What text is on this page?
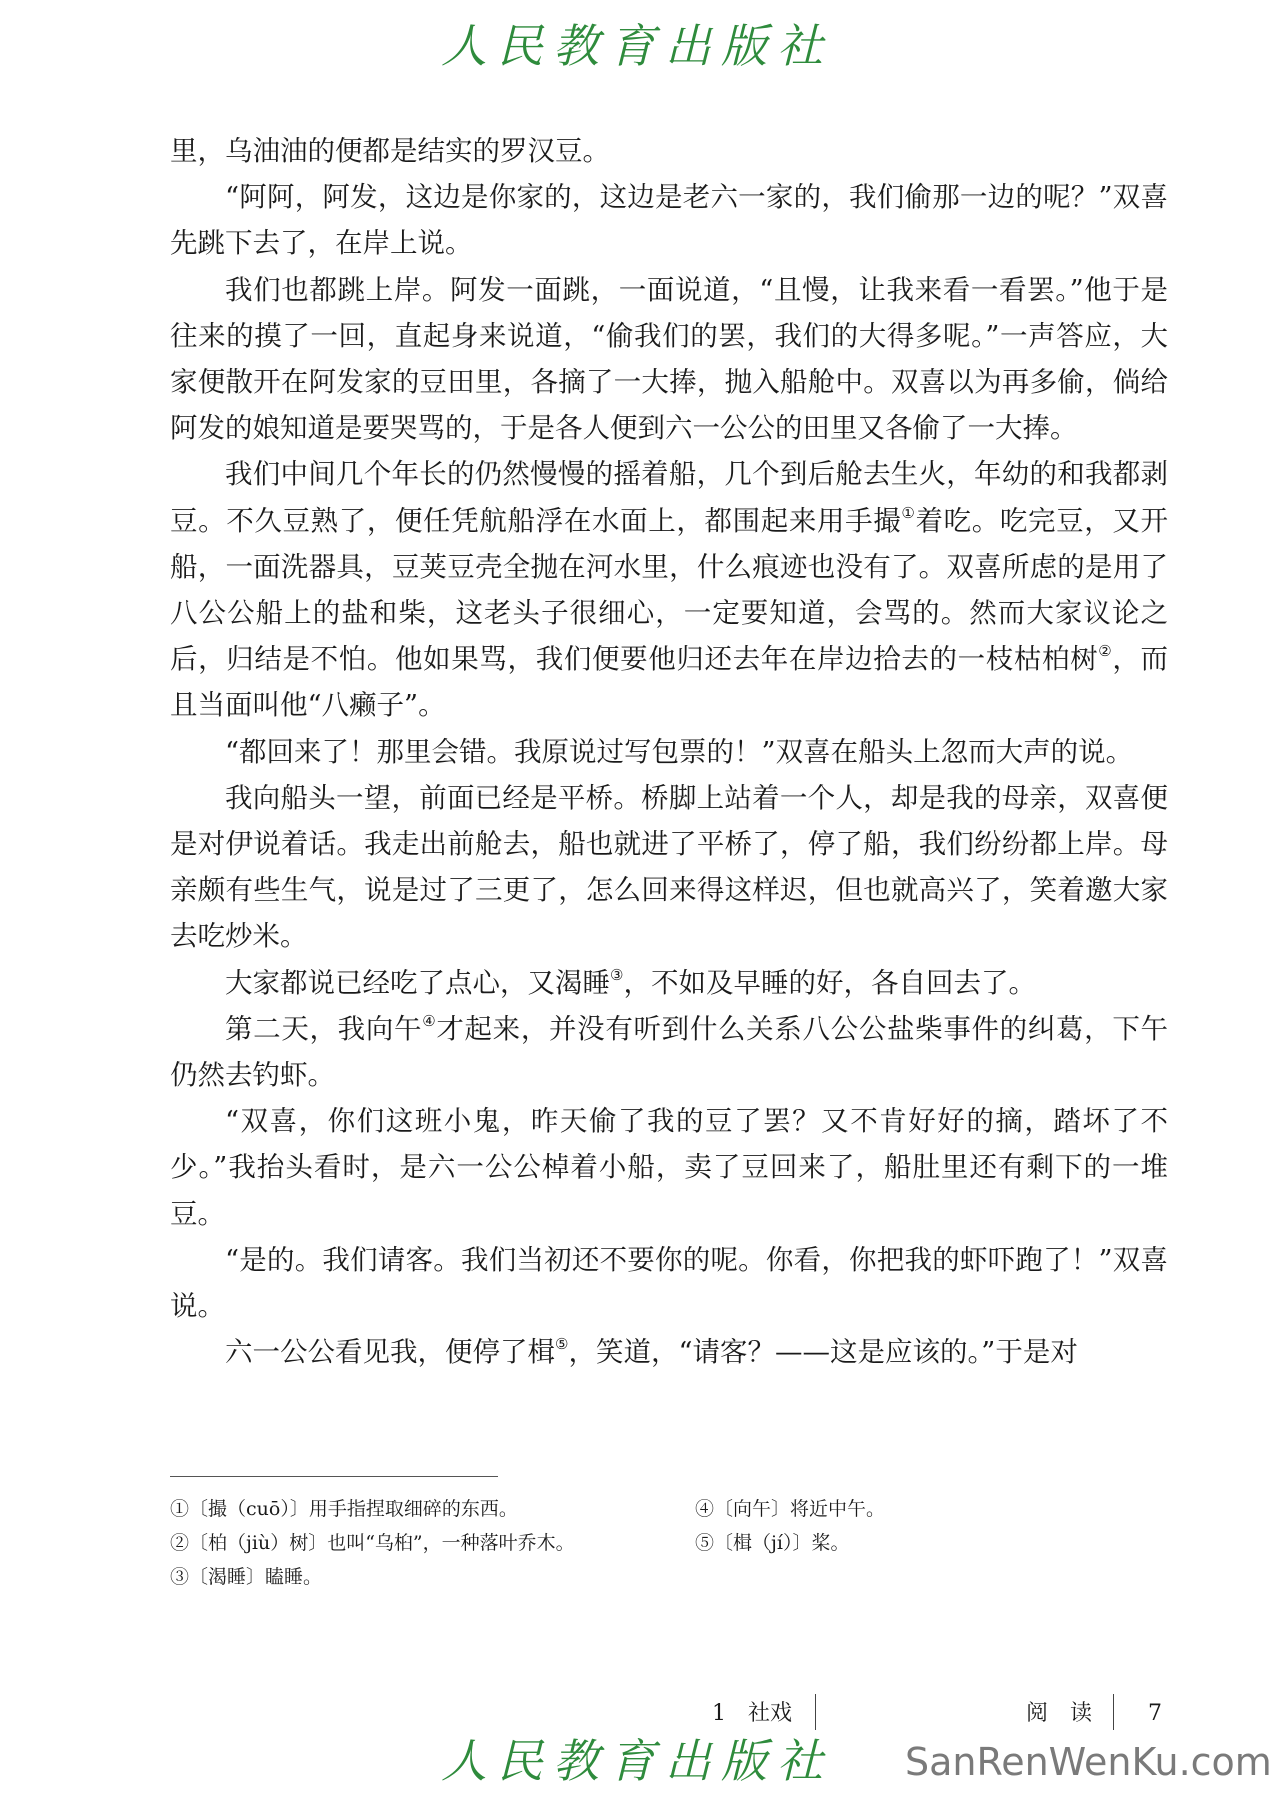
人民教育出版社

里，乌油油的便都是结实的罗汉豆。

“阿阿，阿发，这边是你家的，这边是老六一家的，我们偷那一边的呢？”双喜先跳下去了，在岸上说。

我们也都跳上岸。阿发一面跳，一面说道，“且慢，让我来看一看罢。”他于是往来的摸了一回，直起身来说道，“偷我们的罢，我们的大得多呢。”一声答应，大家便散开在阿发家的豆田里，各摘了一大捧，抛入船舱中。双喜以为再多偷，倘给阿发的娘知道是要哭骂的，于是各人便到六一公公的田里又各偷了一大捧。

我们中间几个年长的仍然慢慢的摇着船，几个到后舱去生火，年幼的和我都剥豆。不久豆熟了，便任凭航船浮在水面上，都围起来用手撮①着吃。吃完豆，又开船，一面洗器具，豆荚豆壳全抛在河水里，什么痕迹也没有了。双喜所虑的是用了八公公船上的盐和柴，这老头子很细心，一定要知道，会骂的。然而大家议论之后，归结是不怕。他如果骂，我们便要他归还去年在岸边拾去的一枝枯柏树②，而且当面叫他“八癞子”。

“都回来了！那里会错。我原说过写包票的！”双喜在船头上忽而大声的说。

我向船头一望，前面已经是平桥。桥脚上站着一个人，却是我的母亲，双喜便是对伊说着话。我走出前舱去，船也就进了平桥了，停了船，我们纷纷都上岸。母亲颇有些生气，说是过了三更了，怎么回来得这样迟，但也就高兴了，笑着邀大家去吃炒米。

大家都说已经吃了点心，又渴睡③，不如及早睡的好，各自回去了。

第二天，我向午④才起来，并没有听到什么关系八公公盐柴事件的纠葛，下午仍然去钓虾。

“双喜，你们这班小鬼，昨天偷了我的豆了罢？又不肯好好的摘，踏坏了不少。”我抬头看时，是六一公公棹着小船，卖了豆回来了，船肚里还有剩下的一堆豆。

“是的。我们请客。我们当初还不要你的呢。你看，你把我的虾吓跑了！”双喜说。

六一公公看见我，便停了楫⑤，笑道，“请客？——这是应该的。”于是对

①〔撮（cuō）〕用手指捏取细碎的东西。
②〔柏（jiù）树〕也叫“乌桕”，一种落叶乔木。
③〔渴睡〕瞌睡。
④〔向午〕将近中午。
⑤〔楫（jí）〕桨。
1　社戏	阅　读	7
人民教育出版社	SanRenWenKu.com
